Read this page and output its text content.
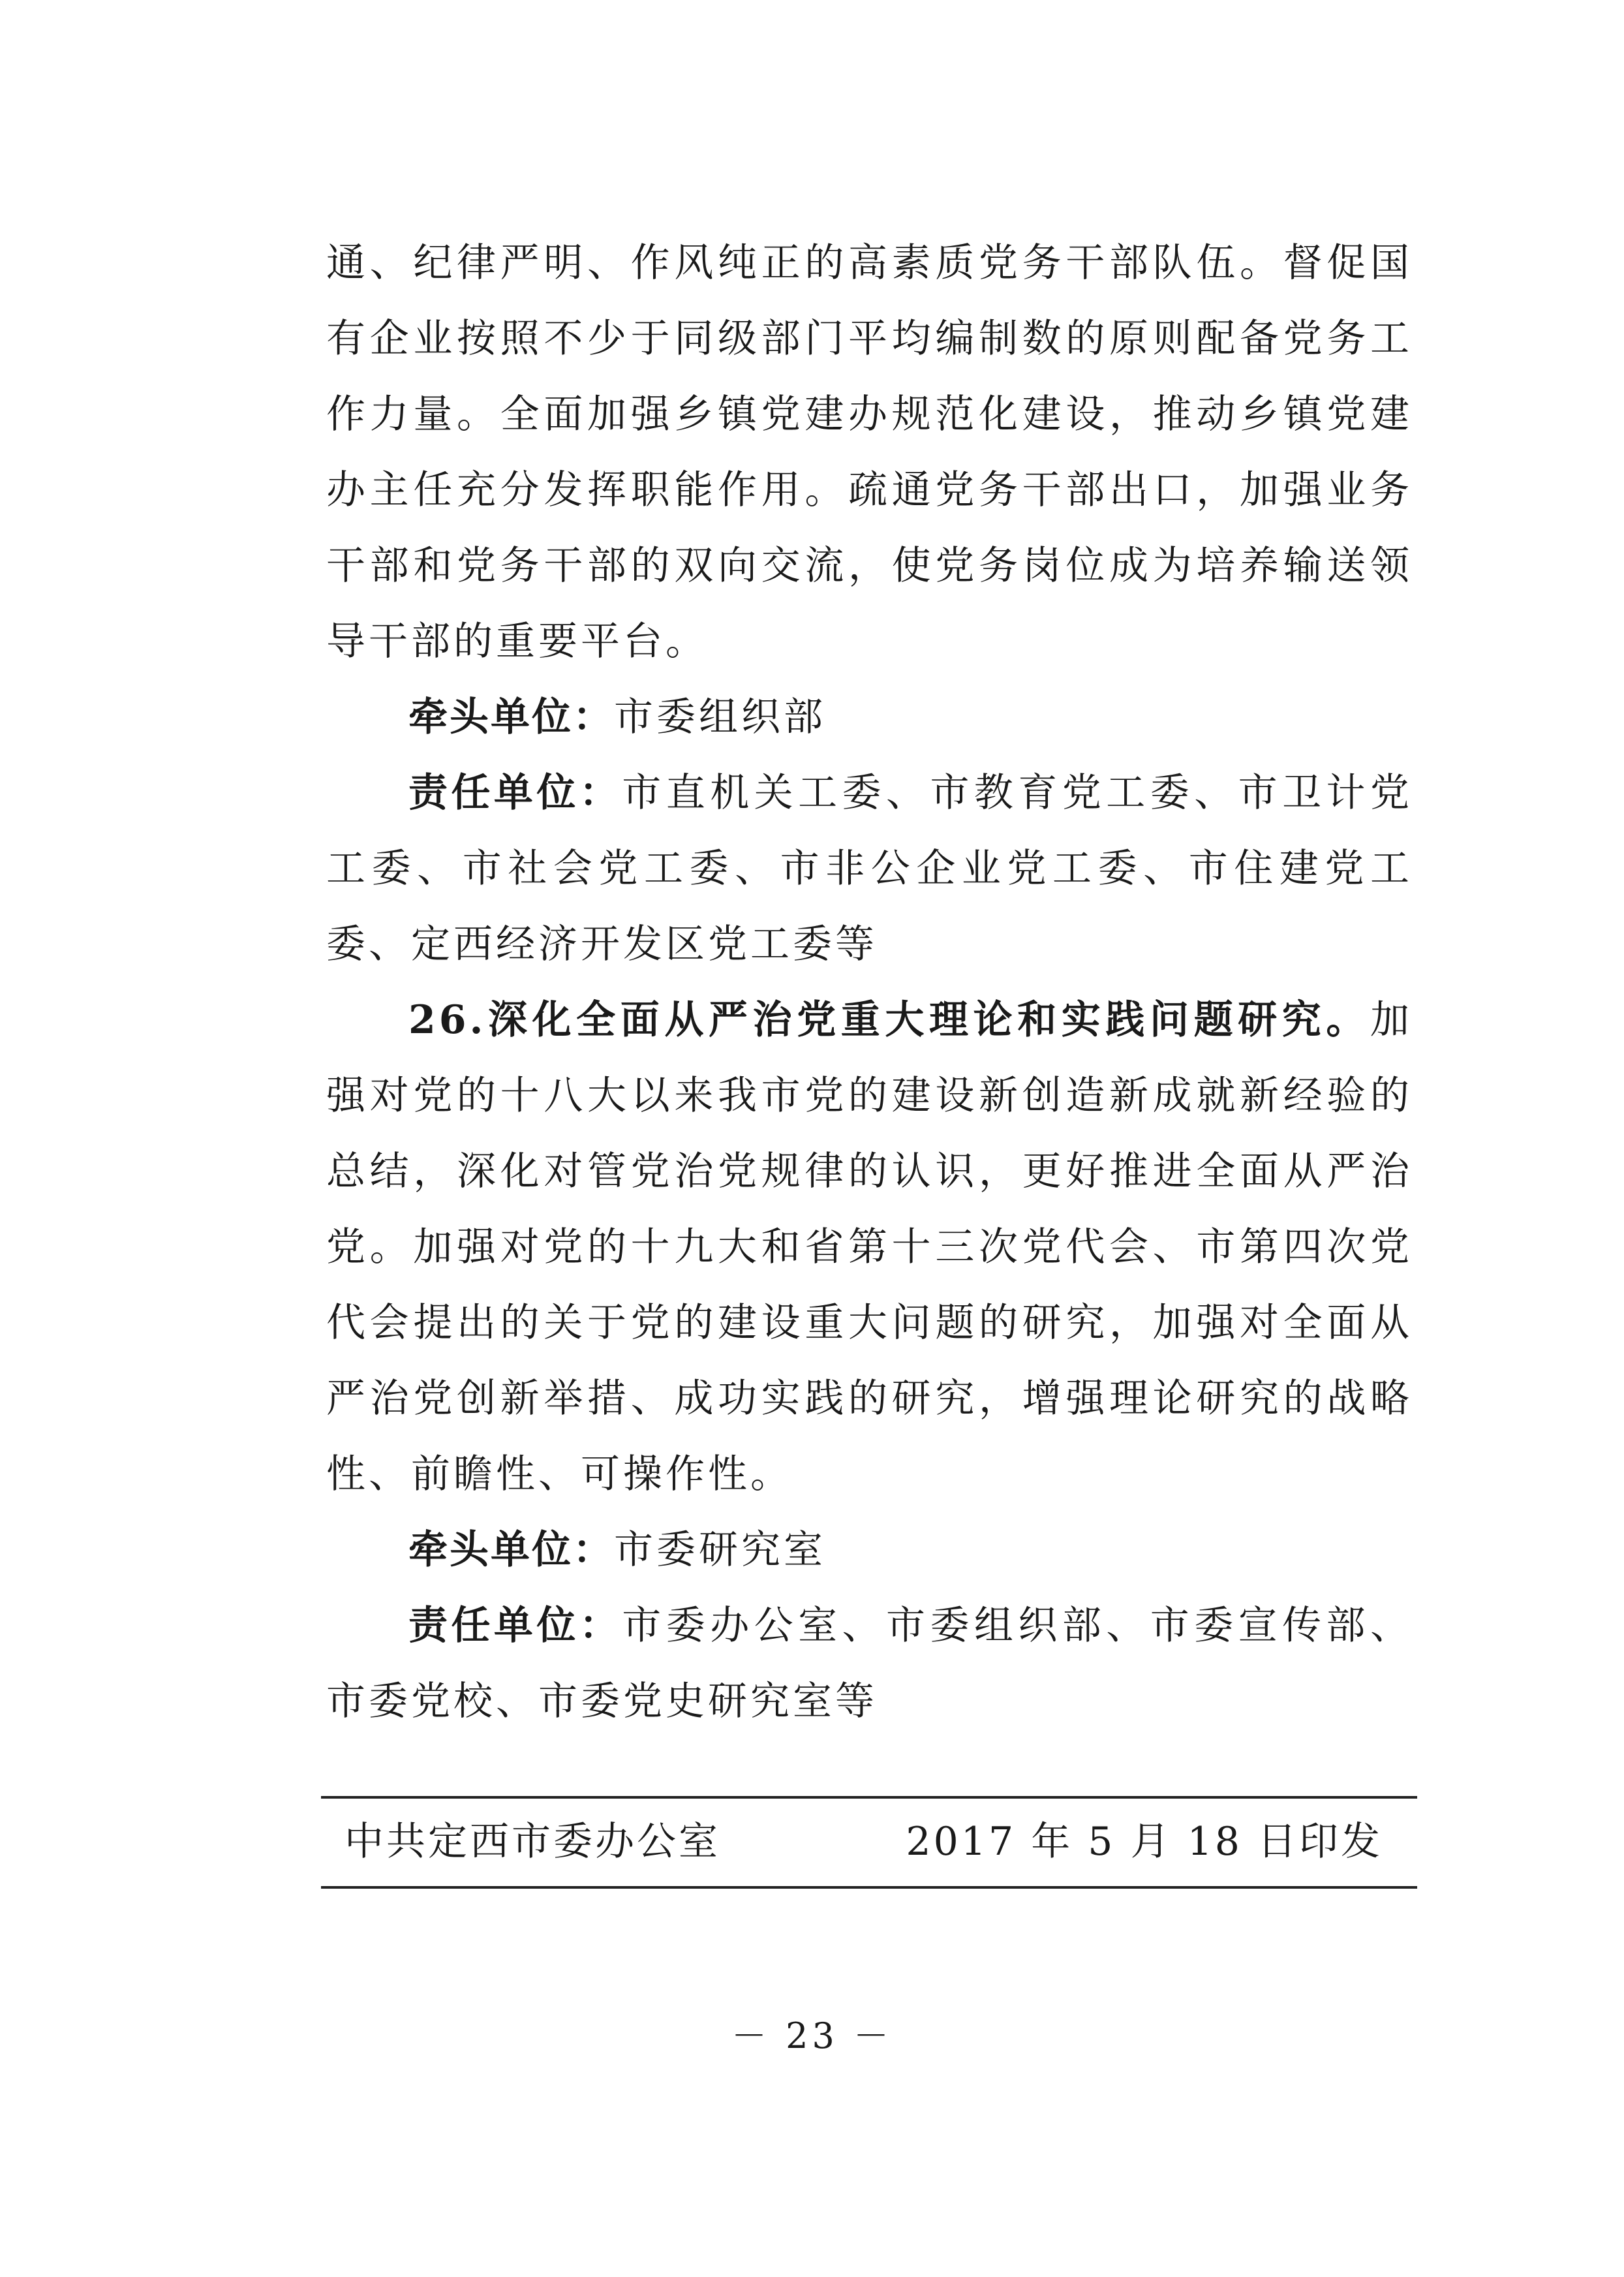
通、纪律严明、作风纯正的高素质党务干部队伍。督促国有企业按照不少于同级部门平均编制数的原则配备党务工作力量。全面加强乡镇党建办规范化建设，推动乡镇党建办主任充分发挥职能作用。疏通党务干部出口，加强业务干部和党务干部的双向交流，使党务岗位成为培养输送领导干部的重要平台。

牵头单位：市委组织部

责任单位：市直机关工委、市教育党工委、市卫计党工委、市社会党工委、市非公企业党工委、市住建党工委、定西经济开发区党工委等

26.深化全面从严治党重大理论和实践问题研究。加强对党的十八大以来我市党的建设新创造新成就新经验的总结，深化对管党治党规律的认识，更好推进全面从严治党。加强对党的十九大和省第十三次党代会、市第四次党代会提出的关于党的建设重大问题的研究，加强对全面从严治党创新举措、成功实践的研究，增强理论研究的战略性、前瞻性、可操作性。

牵头单位：市委研究室

责任单位：市委办公室、市委组织部、市委宣传部、市委党校、市委党史研究室等

中共定西市委办公室	2017 年 5 月 18 日印发
－ 23 －
